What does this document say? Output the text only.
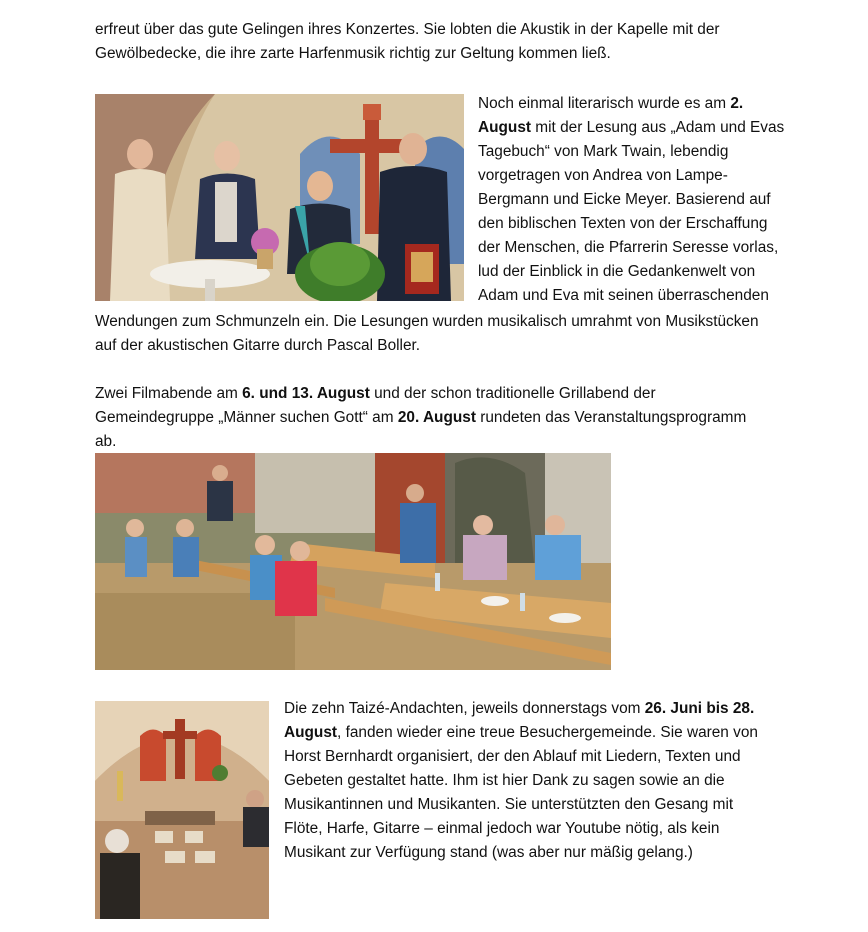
erfreut über das gute Gelingen ihres Konzertes. Sie lobten die Akustik in der Kapelle mit der
Gewölbedecke, die ihre zarte Harfenmusik richtig zur Geltung kommen ließ.
Noch einmal literarisch wurde es am 2.
August mit der Lesung aus „Adam und Evas
Tagebuch“ von Mark Twain, lebendig
vorgetragen von Andrea von Lampe-
Bergmann und Eicke Meyer. Basierend auf
den biblischen Texten von der Erschaffung
der Menschen, die Pfarrerin Seresse vorlas,
lud der Einblick in die Gedankenwelt von
Adam und Eva mit seinen überraschenden
Wendungen zum Schmunzeln ein. Die Lesungen wurden musikalisch umrahmt von Musikstücken
auf der akustischen Gitarre durch Pascal Boller.
Zwei Filmabende am 6. und 13. August und der schon traditionelle Grillabend der
Gemeindegruppe „Männer suchen Gott“ am 20. August rundeten das Veranstaltungsprogramm
ab.
Die zehn Taizé-Andachten, jeweils donnerstags vom 26. Juni bis 28.
August, fanden wieder eine treue Besuchergemeinde. Sie waren von
Horst Bernhardt organisiert, der den Ablauf mit Liedern, Texten und
Gebeten gestaltet hatte. Ihm ist hier Dank zu sagen sowie an die
Musikantinnen und Musikanten. Sie unterstützten den Gesang mit
Flöte, Harfe, Gitarre – einmal jedoch war Youtube nötig, als kein
Musikant zur Verfügung stand (was aber nur mäßig gelang.)
